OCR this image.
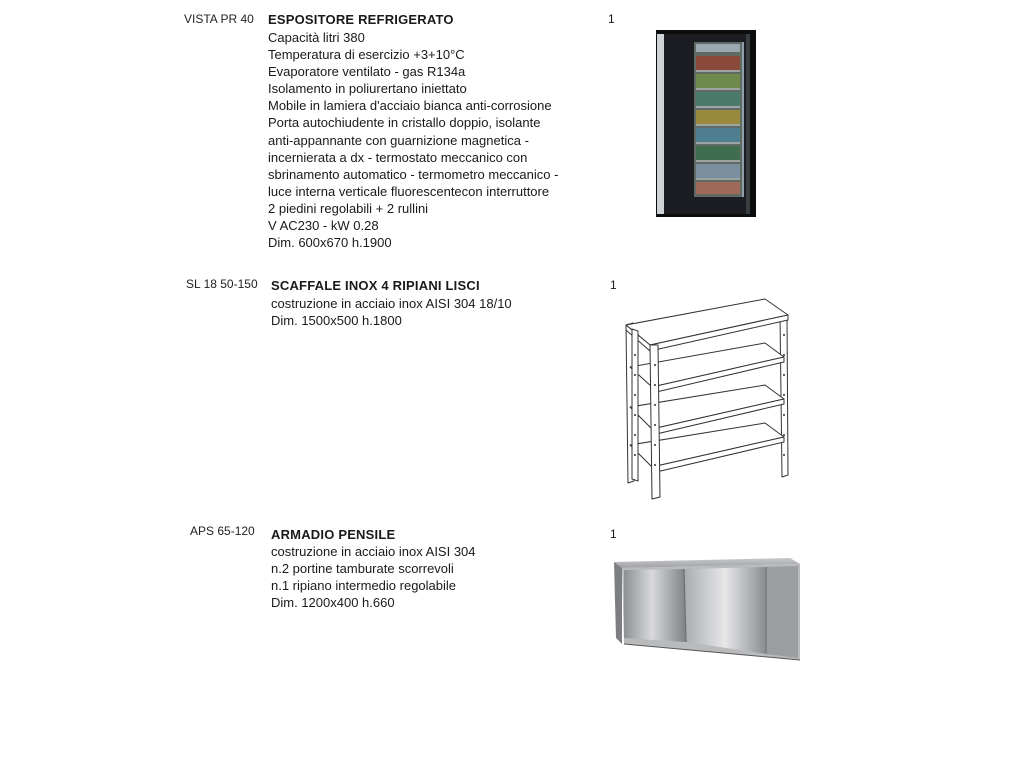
VISTA PR 40 ESPOSITORE REFRIGERATO
Capacità litri 380
Temperatura di esercizio +3+10°C
Evaporatore ventilato - gas R134a
Isolamento in poliurertano iniettato
Mobile in lamiera d'acciaio bianca anti-corrosione
Porta autochiudente in cristallo doppio, isolante
anti-appannante con guarnizione magnetica -
incernierata a dx - termostato meccanico con
sbrinamento automatico - termometro meccanico -
luce interna verticale fluorescentecon interruttore
2 piedini regolabili + 2 rullini
V AC230 - kW 0.28
Dim. 600x670 h.1900
1
SL 18 50-150 SCAFFALE INOX 4 RIPIANI LISCI
costruzione in acciaio inox AISI 304 18/10
Dim. 1500x500 h.1800
1
APS 65-120 ARMADIO PENSILE
costruzione in acciaio inox AISI 304
n.2 portine tamburate scorrevoli
n.1 ripiano intermedio regolabile
Dim. 1200x400 h.660
1
